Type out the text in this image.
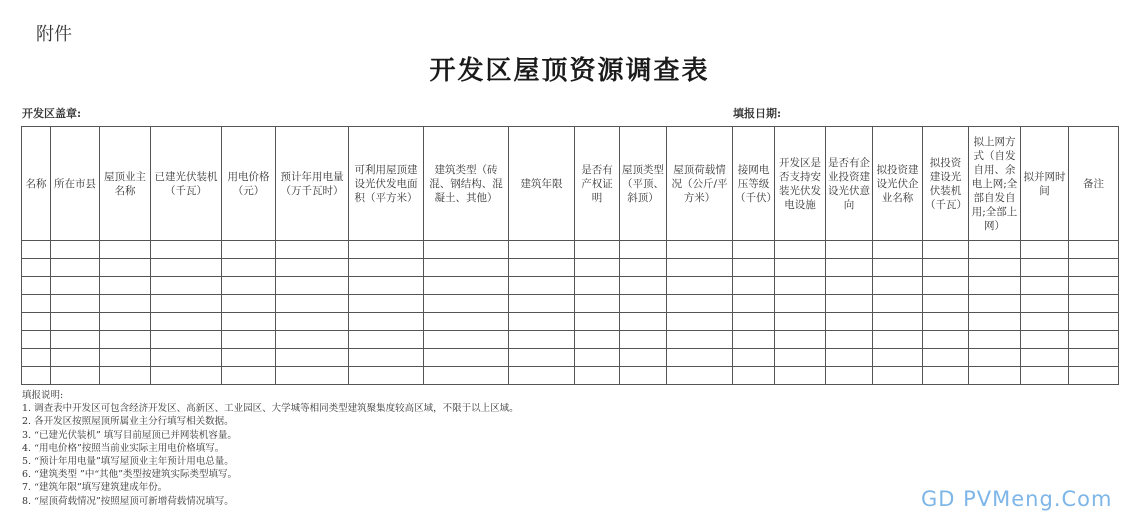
附件
开发区屋顶资源调查表
开发区盖章:	填报日期:
名称	所在市县	屋顶业主名称	已建光伏装机（千瓦）	用电价格（元）	预计年用电量（万千瓦时）	可利用屋顶建设光伏发电面积（平方米）	建筑类型（砖混、钢结构、混凝土、其他）	建筑年限	是否有产权证明	屋顶类型（平顶、斜顶）	屋顶荷载情况（公斤/平方米）	接网电压等级（千伏）	开发区是否支持安装光伏发电设施	是否有企业投资建设光伏意向	拟投资建设光伏企业名称	拟投资建设光伏装机（千瓦）	拟上网方式（自发自用、余电上网;全部自发自用;全部上网）	拟并网时间	备注

填报说明:
1. 调查表中开发区可包含经济开发区、高新区、工业园区、大学城等相同类型建筑聚集度较高区域，不限于以上区域。
2. 各开发区按照屋顶所属业主分行填写相关数据。
3. “已建光伏装机” 填写目前屋顶已并网装机容量。
4. “用电价格”按照当前业实际主用电价格填写。
5. “预计年用电量”填写屋顶业主年预计用电总量。
6. “建筑类型 ”中“其他”类型按建筑实际类型填写。
7. “建筑年限”填写建筑建成年份。
8. “屋顶荷载情况”按照屋顶可新增荷载情况填写。	GD PVMeng.Com
